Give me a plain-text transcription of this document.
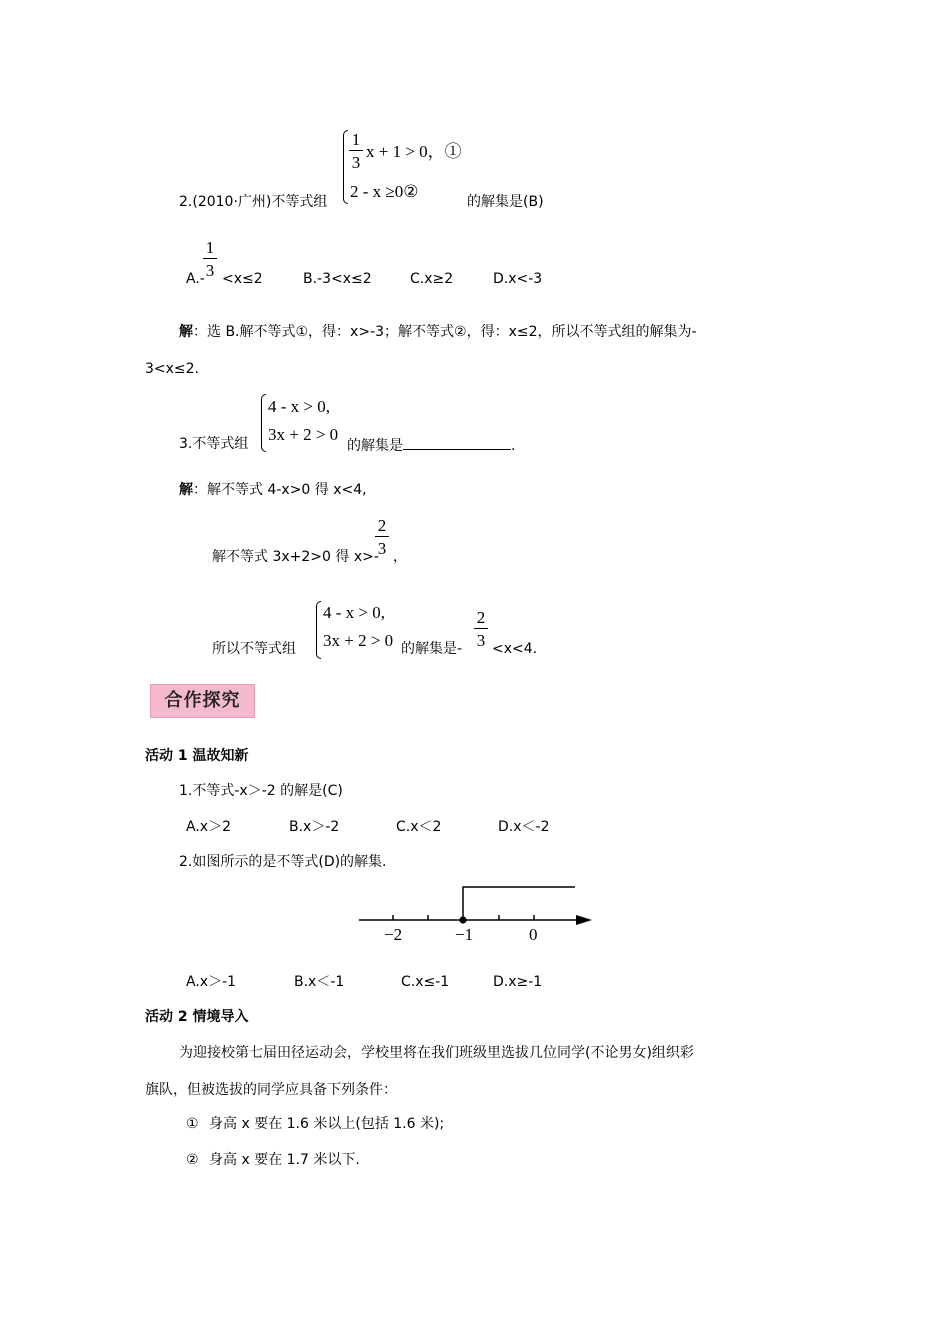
1
3
x + 1 > 0，①
2 - x ≥0②
2.(2010·广州)不等式组	的解集是(B)
A.-
1
3 <x≤2	B.-3<x≤2	C.x≥2	D.x<-3
解：选 B.解不等式①，得：x>-3；解不等式②，得：x≤2，所以不等式组的解集为-
3<x≤2.
4 - x > 0,
3x + 2 > 0
3.不等式组	的解集是	.
解：解不等式 4-x>0 得 x<4,
解不等式 3x+2>0 得 x>-
2
3 ，
4 - x > 0,
3x + 2 > 0
所以不等式组	的解集是-
2
3 <x<4.
合作探究
活动 1 温故知新
1.不等式-x＞-2 的解是(C)
A.x＞2	B.x＞-2	C.x＜2	D.x＜-2
2.如图所示的是不等式(D)的解集.
−2	−1	0
A.x＞-1	B.x＜-1	C.x≤-1	D.x≥-1
活动 2 情境导入
为迎接校第七届田径运动会，学校里将在我们班级里选拔几位同学(不论男女)组织彩
旗队，但被选拔的同学应具备下列条件：
① 身高 x 要在 1.6 米以上(包括 1.6 米);
② 身高 x 要在 1.7 米以下.
